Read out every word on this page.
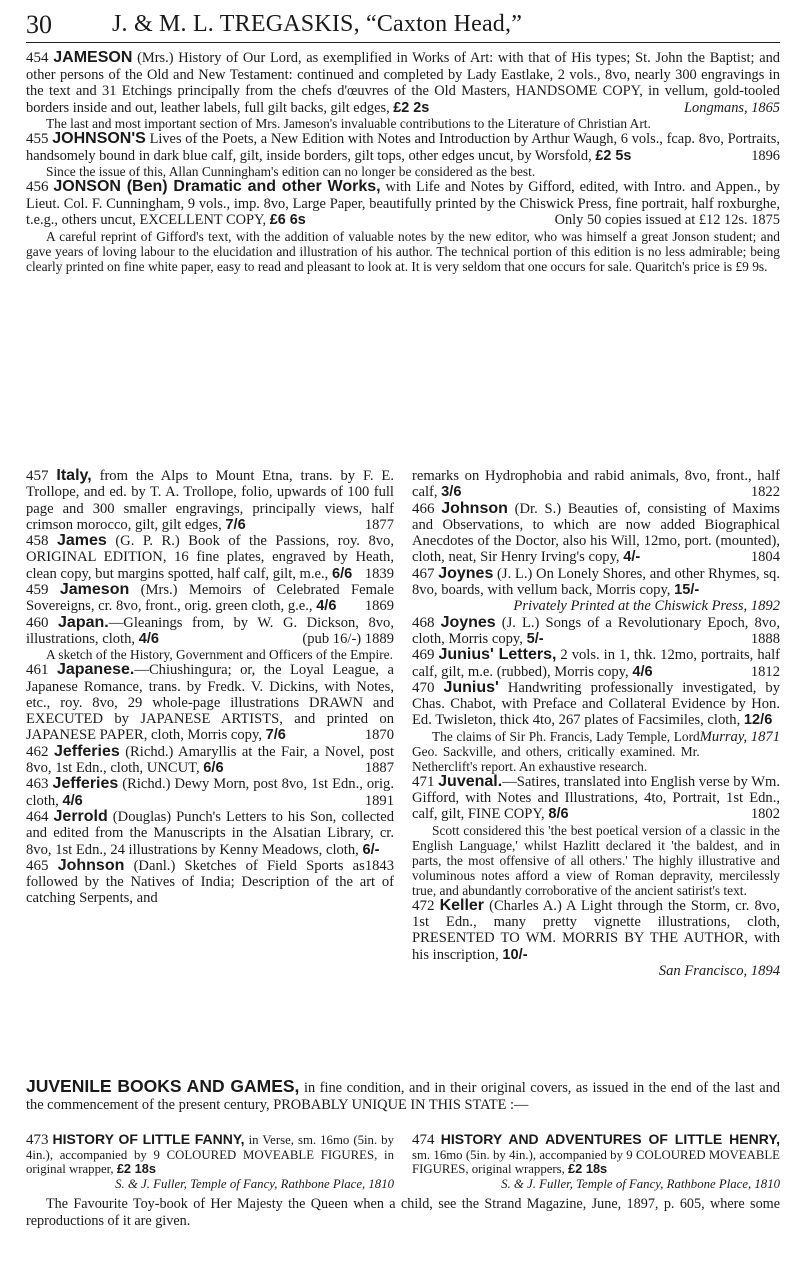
30	J. & M. L. TREGASKIS, “Caxton Head,”

454 JAMESON (Mrs.) History of Our Lord, as exemplified in Works of Art: with that of His types; St. John the Baptist; and other persons of the Old and New Testament: continued and completed by Lady Eastlake, 2 vols., 8vo, nearly 300 engravings in the text and 31 Etchings principally from the chefs d'œuvres of the Old Masters, HANDSOME COPY, in vellum, gold-tooled borders inside and out, leather labels, full gilt backs, gilt edges, £2 2s	Longmans, 1865

The last and most important section of Mrs. Jameson's invaluable contributions to the Literature of Christian Art.

455 JOHNSON'S Lives of the Poets, a New Edition with Notes and Introduction by Arthur Waugh, 6 vols., fcap. 8vo, Portraits, handsomely bound in dark blue calf, gilt, inside borders, gilt tops, other edges uncut, by Worsfold, £2 5s	1896

Since the issue of this, Allan Cunningham's edition can no longer be considered as the best.

456 JONSON (Ben) Dramatic and other Works, with Life and Notes by Gifford, edited, with Intro. and Appen., by Lieut. Col. F. Cunningham, 9 vols., imp. 8vo, Large Paper, beautifully printed by the Chiswick Press, fine portrait, half roxburghe, t.e.g., others uncut, EXCELLENT COPY, £6 6s	Only 50 copies issued at £12 12s. 1875

A careful reprint of Gifford's text, with the addition of valuable notes by the new editor, who was himself a great Jonson student; and gave years of loving labour to the elucidation and illustration of his author. The technical portion of this edition is no less admirable; being clearly printed on fine white paper, easy to read and pleasant to look at. It is very seldom that one occurs for sale. Quaritch's price is £9 9s.

457 Italy, from the Alps to Mount Etna, trans. by F. E. Trollope, and ed. by T. A. Trollope, folio, upwards of 100 full page and 300 smaller engravings, principally views, half crimson morocco, gilt, gilt edges, 7/6	1877

458 James (G. P. R.) Book of the Passions, roy. 8vo, ORIGINAL EDITION, 16 fine plates, engraved by Heath, clean copy, but margins spotted, half calf, gilt, m.e., 6/6 1839

459 Jameson (Mrs.) Memoirs of Celebrated Female Sovereigns, cr. 8vo, front., orig. green cloth, g.e., 4/6 1869

460 Japan.—Gleanings from, by W. G. Dickson, 8vo, illustrations, cloth, 4/6	(pub 16/-) 1889

A sketch of the History, Government and Officers of the Empire.

461 Japanese.—Chiushingura; or, the Loyal League, a Japanese Romance, trans. by Fredk. V. Dickins, with Notes, etc., roy. 8vo, 29 whole-page illustrations DRAWN and EXECUTED by JAPANESE ARTISTS, and printed on JAPANESE PAPER, cloth, Morris copy, 7/6	1870

462 Jefferies (Richd.) Amaryllis at the Fair, a Novel, post 8vo, 1st Edn., cloth, UNCUT, 6/6	1887

463 Jefferies (Richd.) Dewy Morn, post 8vo, 1st Edn., orig. cloth, 4/6	1891

464 Jerrold (Douglas) Punch's Letters to his Son, collected and edited from the Manuscripts in the Alsatian Library, cr. 8vo, 1st Edn., 24 illustrations by Kenny Meadows, cloth, 6/-
1843

465 Johnson (Danl.) Sketches of Field Sports as followed by the Natives of India; Description of the art of catching Serpents, and

remarks on Hydrophobia and rabid animals, 8vo, front., half calf, 3/6	1822

466 Johnson (Dr. S.) Beauties of, consisting of Maxims and Observations, to which are now added Biographical Anecdotes of the Doctor, also his Will, 12mo, port. (mounted), cloth, neat, Sir Henry Irving's copy, 4/-	1804

467 Joynes (J. L.) On Lonely Shores, and other Rhymes, sq. 8vo, boards, with vellum back, Morris copy, 15/-

Privately Printed at the Chiswick Press, 1892

468 Joynes (J. L.) Songs of a Revolutionary Epoch, 8vo, cloth, Morris copy, 5/-	1888

469 Junius' Letters, 2 vols. in 1, thk. 12mo, portraits, half calf, gilt, m.e. (rubbed), Morris copy, 4/6	1812

470 Junius' Handwriting professionally investigated, by Chas. Chabot, with Preface and Collateral Evidence by Hon. Ed. Twisleton, thick 4to, 267 plates of Facsimiles, cloth, 12/6
Murray, 1871

The claims of Sir Ph. Francis, Lady Temple, Lord Geo. Sackville, and others, critically examined. Mr. Netherclift's report. An exhaustive research.

471 Juvenal.—Satires, translated into English verse by Wm. Gifford, with Notes and Illustrations, 4to, Portrait, 1st Edn., calf, gilt, FINE COPY, 8/6	1802

Scott considered this 'the best poetical version of a classic in the English Language,' whilst Hazlitt declared it 'the baldest, and in parts, the most offensive of all others.' The highly illustrative and voluminous notes afford a view of Roman depravity, mercilessly true, and abundantly corroborative of the ancient satirist's text.

472 Keller (Charles A.) A Light through the Storm, cr. 8vo, 1st Edn., many pretty vignette illustrations, cloth, PRESENTED TO WM. MORRIS BY THE AUTHOR, with his inscription, 10/-

San Francisco, 1894

JUVENILE BOOKS AND GAMES, in fine condition, and in their original covers, as issued in the end of the last and the commencement of the present century, PROBABLY UNIQUE IN THIS STATE :—

473 HISTORY OF LITTLE FANNY, in Verse, sm. 16mo (5in. by 4in.), accompanied by 9 COLOURED MOVEABLE FIGURES, in original wrapper, £2 18s

S. & J. Fuller, Temple of Fancy, Rathbone Place, 1810

474 HISTORY AND ADVENTURES OF LITTLE HENRY, sm. 16mo (5in. by 4in.), accompanied by 9 COLOURED MOVEABLE FIGURES, original wrappers, £2 18s

S. & J. Fuller, Temple of Fancy, Rathbone Place, 1810

The Favourite Toy-book of Her Majesty the Queen when a child, see the Strand Magazine, June, 1897, p. 605, where some reproductions of it are given.
